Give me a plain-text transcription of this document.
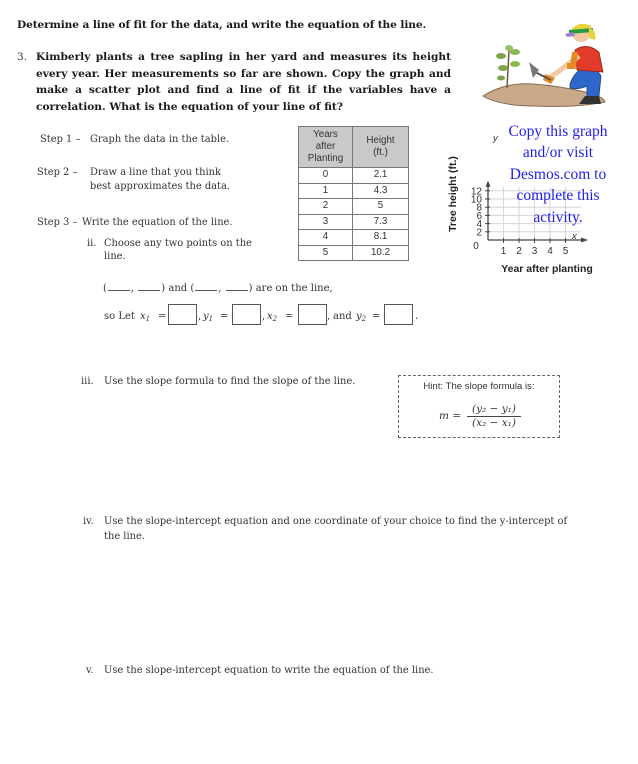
Determine a line of fit for the data, and write the equation of the line.
3. Kimberly plants a tree sapling in her yard and measures its height every year. Her measurements so far are shown. Copy the graph and make a scatter plot and find a line of fit if the variables have a correlation. What is the equation of your line of fit?
Step 1 – Graph the data in the table.
Step 2 – Draw a line that you think
best approximates the data.
Step 3 – Write the equation of the line.
ii. Choose any two points on the
line.
Years
after
Planting	Height
(ft.)
0	2.1
1	4.3
2	5
3	7.3
4	8.1
5	10.2
2
4
6
8
10
12
1 2 3 4 5
Tree height (ft.)
Year after planting
0
y
x
Copy this graph
and/or visit
Desmos.com to
complete this
activity.
( ,	) and ( ,	) are on the line,
so Let $x_1$ =	, $y_1$ =	, $x_2$ =	, and $y_2$ =	.
iii. Use the slope formula to find the slope of the line.	Hint: The slope formula is:
$m = \frac{\text{(y₂ − y₁)}}{\text{(x₂ − x₁)}}$
iv. Use the slope-intercept equation and one coordinate of your choice to find the y-intercept of
the line.
v. Use the slope-intercept equation to write the equation of the line.
